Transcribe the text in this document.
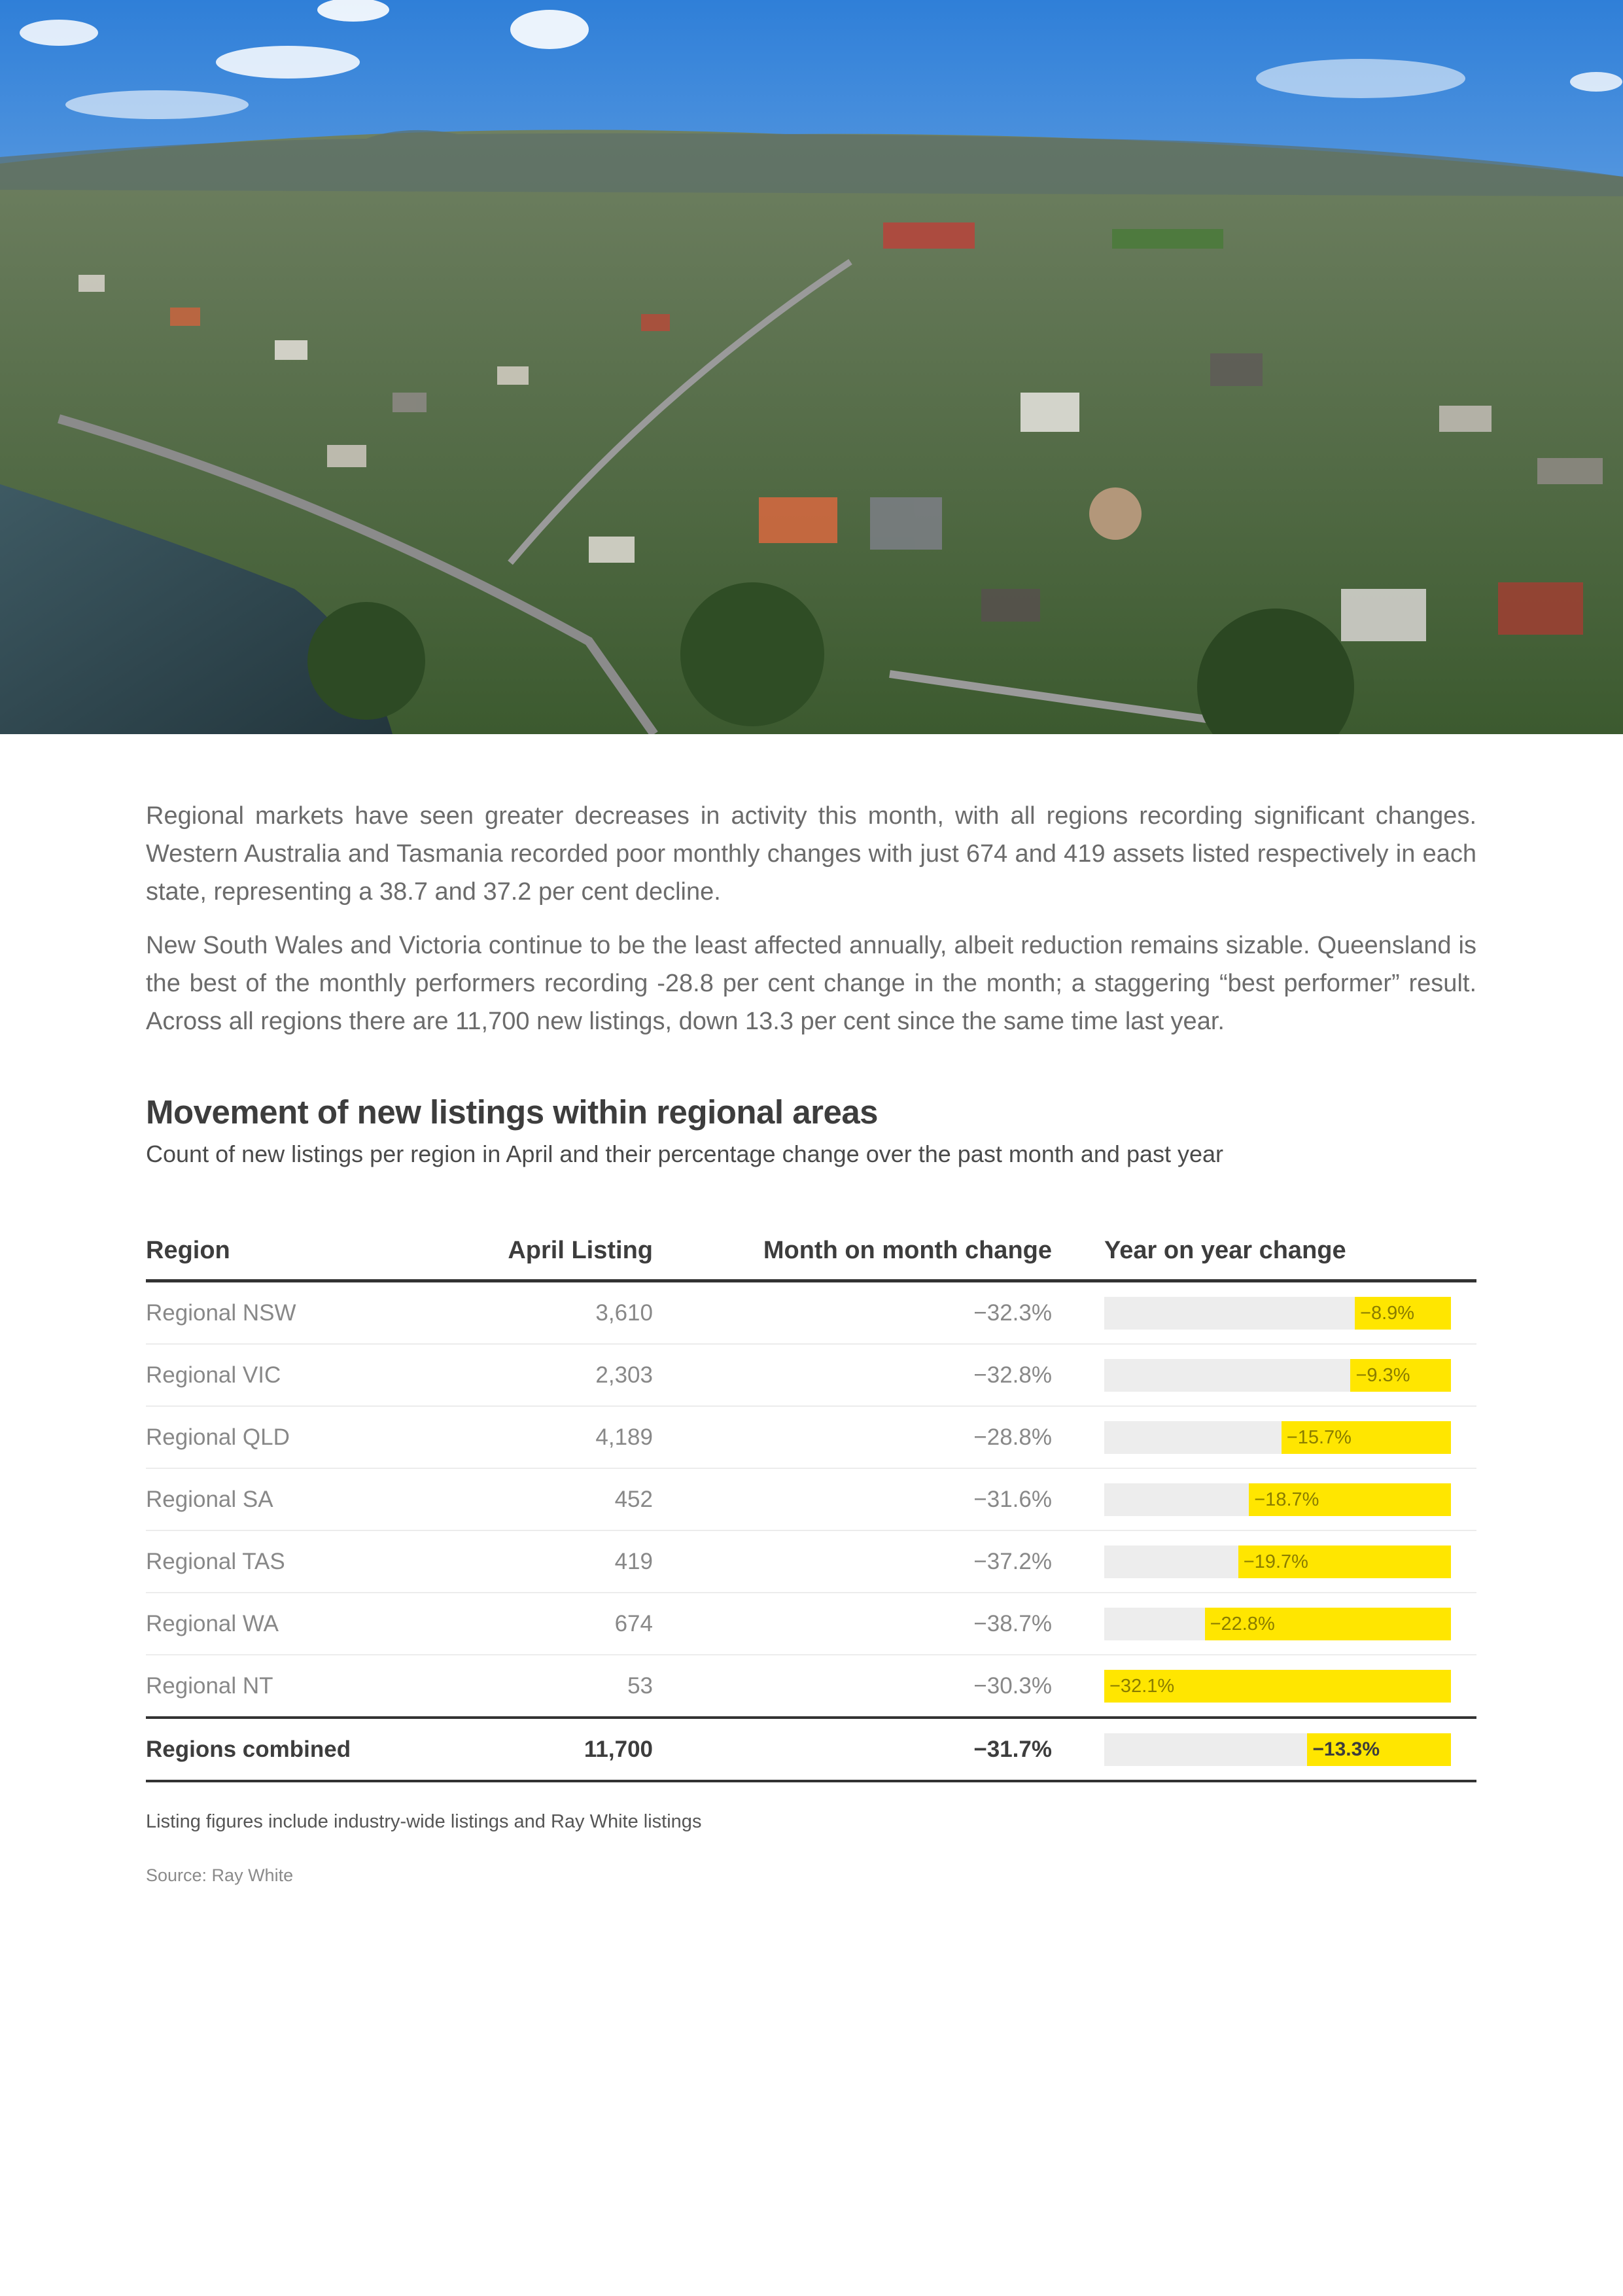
Regional markets have seen greater decreases in activity this month, with all regions recording significant changes. Western Australia and Tasmania recorded poor monthly changes with just 674 and 419 assets listed respectively in each state, representing a 38.7 and 37.2 per cent decline.

New South Wales and Victoria continue to be the least affected annually, albeit reduction remains sizable. Queensland is the best of the monthly performers recording -28.8 per cent change in the month; a staggering “best performer” result. Across all regions there are 11,700 new listings, down 13.3 per cent since the same time last year.

Movement of new listings within regional areas

Count of new listings per region in April and their percentage change over the past month and past year

Region	April Listing	Month on month change	Year on year change
Regional NSW	3,610	−32.3%	−8.9%

Regional VIC	2,303	−32.8%	−9.3%

Regional QLD	4,189	−28.8%	−15.7%

Regional SA	452	−31.6%	−18.7%

Regional TAS	419	−37.2%	−19.7%

Regional WA	674	−38.7%	−22.8%

Regional NT	53	−30.3%	−32.1%

Regions combined	11,700	−31.7%	−13.3%

Listing figures include industry-wide listings and Ray White listings

Source: Ray White
